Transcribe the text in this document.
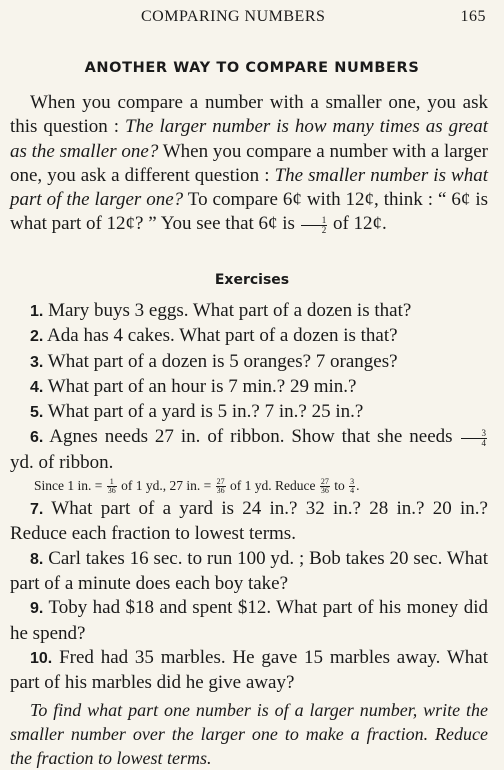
COMPARING NUMBERS	165
ANOTHER WAY TO COMPARE NUMBERS

When you compare a number with a smaller one, you ask this question : The larger number is how many times as great as the smaller one? When you compare a number with a larger one, you ask a different question : The smaller number is what part of the larger one? To compare 6¢ with 12¢, think : “ 6¢ is what part of 12¢? ” You see that 6¢ is $\frac{1}{2}$ of 12¢.

Exercises

1. Mary buys 3 eggs. What part of a dozen is that?

2. Ada has 4 cakes. What part of a dozen is that?

3. What part of a dozen is 5 oranges? 7 oranges?

4. What part of an hour is 7 min.? 29 min.?

5. What part of a yard is 5 in.? 7 in.? 25 in.?

6. Agnes needs 27 in. of ribbon. Show that she needs $\frac{3}{4}$
yd. of ribbon.

Since 1 in. = $\frac{1}{36}$ of 1 yd., 27 in. = $\frac{27}{36}$ of 1 yd. Reduce $\frac{27}{36}$ to $\frac{3}{4}$ .

7. What part of a yard is 24 in.? 32 in.? 28 in.? 20 in.? Reduce each fraction to lowest terms.

8. Carl takes 16 sec. to run 100 yd. ; Bob takes 20 sec. What part of a minute does each boy take?

9. Toby had $18 and spent $12. What part of his money did he spend?

10. Fred had 35 marbles. He gave 15 marbles away. What part of his marbles did he give away?

To find what part one number is of a larger number, write the smaller number over the larger one to make a fraction. Reduce the fraction to lowest terms.
